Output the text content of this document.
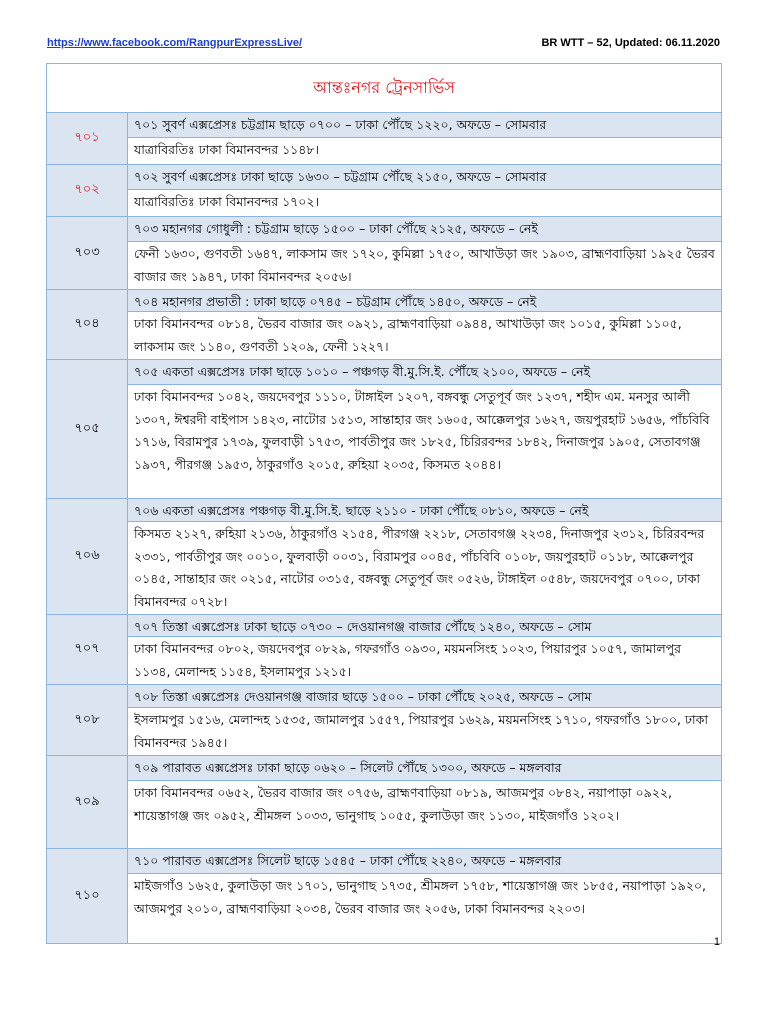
https://www.facebook.com/RangpurExpressLive/	BR WTT – 52, Updated: 06.11.2020
আন্তঃনগর ট্রেনসার্ভিস
৭০১
৭০১ সুবর্ণ এক্সপ্রেসঃ চট্টগ্রাম ছাড়ে ০৭০০ – ঢাকা পৌঁছে ১২২০, অফডে – সোমবার
যাত্রাবিরতিঃ ঢাকা বিমানবন্দর ১১৪৮।
৭০২
৭০২ সুবর্ণ এক্সপ্রেসঃ ঢাকা ছাড়ে ১৬৩০ – চট্টগ্রাম পৌঁছে ২১৫০, অফডে – সোমবার
যাত্রাবিরতিঃ ঢাকা বিমানবন্দর ১৭০২।
৭০৩
৭০৩ মহানগর গোধুলী : চট্টগ্রাম ছাড়ে ১৫০০ – ঢাকা পৌঁছে ২১২৫, অফডে – নেই
ফেনী ১৬৩০, গুণবতী ১৬৪৭, লাকসাম জং ১৭২০, কুমিল্লা ১৭৫০, আখাউড়া জং ১৯০৩, ব্রাহ্মণবাড়িয়া ১৯২৫ ভৈরব বাজার জং ১৯৪৭, ঢাকা বিমানবন্দর ২০৫৬।
৭০৪
৭০৪ মহানগর প্রভাতী : ঢাকা ছাড়ে ০৭৪৫ – চট্টগ্রাম পৌঁছে ১৪৫০, অফডে – নেই
ঢাকা বিমানবন্দর ০৮১৪, ভৈরব বাজার জং ০৯২১, ব্রাহ্মণবাড়িয়া ০৯৪৪, আখাউড়া জং ১০১৫, কুমিল্লা ১১০৫, লাকসাম জং ১১৪০, গুণবতী ১২০৯, ফেনী ১২২৭।
৭০৫
৭০৫ একতা এক্সপ্রেসঃ ঢাকা ছাড়ে ১০১০ – পঞ্চগড় বী.মু.সি.ই. পৌঁছে ২১০০, অফডে – নেই
ঢাকা বিমানবন্দর ১০৪২, জয়দেবপুর ১১১০, টাঙ্গাইল ১২০৭, বঙ্গবন্ধু সেতুপূর্ব জং ১২৩৭, শহীদ এম. মনসুর আলী ১৩০৭, ঈশ্বরদী বাইপাস ১৪২৩, নাটোর ১৫১৩, সান্তাহার জং ১৬০৫, আক্কেলপুর ১৬২৭, জয়পুরহাট ১৬৫৬, পাঁচবিবি ১৭১৬, বিরামপুর ১৭৩৯, ফুলবাড়ী ১৭৫৩, পার্বতীপুর জং ১৮২৫, চিরিরবন্দর ১৮৪২, দিনাজপুর ১৯০৫, সেতাবগঞ্জ ১৯৩৭, পীরগঞ্জ ১৯৫৩, ঠাকুরগাঁও ২০১৫, রুহিয়া ২০৩৫, কিসমত ২০৪৪।
৭০৬
৭০৬ একতা এক্সপ্রেসঃ পঞ্চগড় বী.মু.সি.ই. ছাড়ে ২১১০ - ঢাকা পৌঁছে ০৮১০, অফডে – নেই
কিসমত ২১২৭, রুহিয়া ২১৩৬, ঠাকুরগাঁও ২১৫৪, পীরগঞ্জ ২২১৮, সেতাবগঞ্জ ২২৩৪, দিনাজপুর ২৩১২, চিরিরবন্দর ২৩৩১, পার্বতীপুর জং ০০১০, ফুলবাড়ী ০০৩১, বিরামপুর ০০৪৫, পাঁচবিবি ০১০৮, জয়পুরহাট ০১১৮, আক্কেলপুর ০১৪৫, সান্তাহার জং ০২১৫, নাটোর ০৩১৫, বঙ্গবন্ধু সেতুপূর্ব জং ০৫২৬, টাঙ্গাইল ০৫৪৮, জয়দেবপুর ০৭০০, ঢাকা বিমানবন্দর ০৭২৮।
৭০৭
৭০৭ তিস্তা এক্সপ্রেসঃ ঢাকা ছাড়ে ০৭৩০ – দেওয়ানগঞ্জ বাজার পৌঁছে ১২৪০, অফডে – সোম
ঢাকা বিমানবন্দর ০৮০২, জয়দেবপুর ০৮২৯, গফরগাঁও ০৯৩০, ময়মনসিংহ ১০২৩, পিয়ারপুর ১০৫৭, জামালপুর ১১৩৪, মেলান্দহ ১১৫৪, ইসলামপুর ১২১৫।
৭০৮
৭০৮ তিস্তা এক্সপ্রেসঃ দেওয়ানগঞ্জ বাজার ছাড়ে ১৫০০ – ঢাকা পৌঁছে ২০২৫, অফডে – সোম
ইসলামপুর ১৫১৬, মেলান্দহ ১৫৩৫, জামালপুর ১৫৫৭, পিয়ারপুর ১৬২৯, ময়মনসিংহ ১৭১০, গফরগাঁও ১৮০০, ঢাকা বিমানবন্দর ১৯৪৫।
৭০৯
৭০৯ পারাবত এক্সপ্রেসঃ ঢাকা ছাড়ে ০৬২০ – সিলেট পৌঁছে ১৩০০, অফডে – মঙ্গলবার
ঢাকা বিমানবন্দর ০৬৫২, ভৈরব বাজার জং ০৭৫৬, ব্রাহ্মণবাড়িয়া ০৮১৯, আজমপুর ০৮৪২, নয়াপাড়া ০৯২২, শায়েস্তাগঞ্জ জং ০৯৫২, শ্রীমঙ্গল ১০৩৩, ভানুগাছ ১০৫৫, কুলাউড়া জং ১১৩০, মাইজগাঁও ১২০২।
৭১০
৭১০ পারাবত এক্সপ্রেসঃ সিলেট ছাড়ে ১৫৪৫ – ঢাকা পৌঁছে ২২৪০, অফডে – মঙ্গলবার
মাইজগাঁও ১৬২৫, কুলাউড়া জং ১৭০১, ভানুগাছ ১৭৩৫, শ্রীমঙ্গল ১৭৫৮, শায়েস্তাগঞ্জ জং ১৮৫৫, নয়াপাড়া ১৯২০, আজমপুর ২০১০, ব্রাহ্মণবাড়িয়া ২০৩৪, ভৈরব বাজার জং ২০৫৬, ঢাকা বিমানবন্দর ২২০৩।
1
